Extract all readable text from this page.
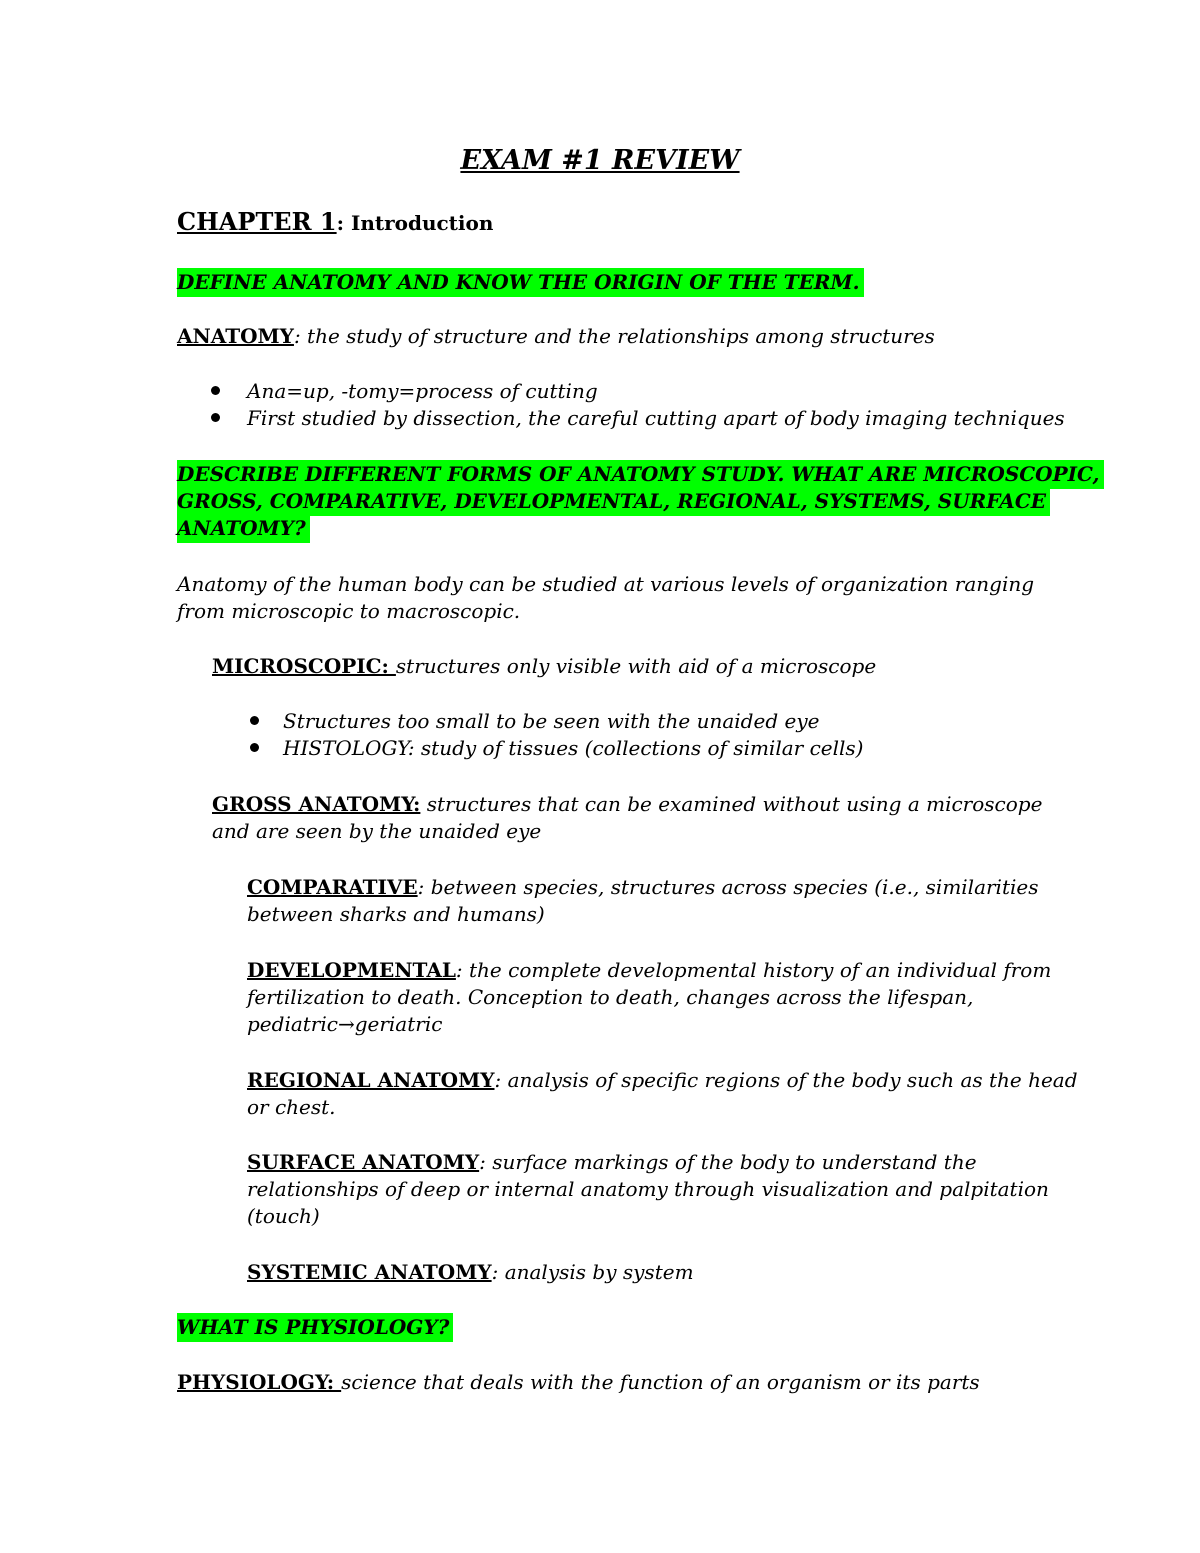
EXAM #1 REVIEW
CHAPTER 1: Introduction
DEFINE ANATOMY AND KNOW THE ORIGIN OF THE TERM.
ANATOMY: the study of structure and the relationships among structures
Ana=up, -tomy=process of cutting
First studied by dissection, the careful cutting apart of body imaging techniques
DESCRIBE DIFFERENT FORMS OF ANATOMY STUDY. WHAT ARE MICROSCOPIC,
GROSS, COMPARATIVE, DEVELOPMENTAL, REGIONAL, SYSTEMS, SURFACE
ANATOMY?
Anatomy of the human body can be studied at various levels of organization ranging
from microscopic to macroscopic.
MICROSCOPIC: structures only visible with aid of a microscope
Structures too small to be seen with the unaided eye
HISTOLOGY: study of tissues (collections of similar cells)
GROSS ANATOMY: structures that can be examined without using a microscope
and are seen by the unaided eye
COMPARATIVE: between species, structures across species (i.e., similarities
between sharks and humans)
DEVELOPMENTAL: the complete developmental history of an individual from
fertilization to death. Conception to death, changes across the lifespan,
pediatric→geriatric
REGIONAL ANATOMY: analysis of specific regions of the body such as the head
or chest.
SURFACE ANATOMY: surface markings of the body to understand the
relationships of deep or internal anatomy through visualization and palpitation
(touch)
SYSTEMIC ANATOMY: analysis by system
WHAT IS PHYSIOLOGY?
PHYSIOLOGY: science that deals with the function of an organism or its parts
